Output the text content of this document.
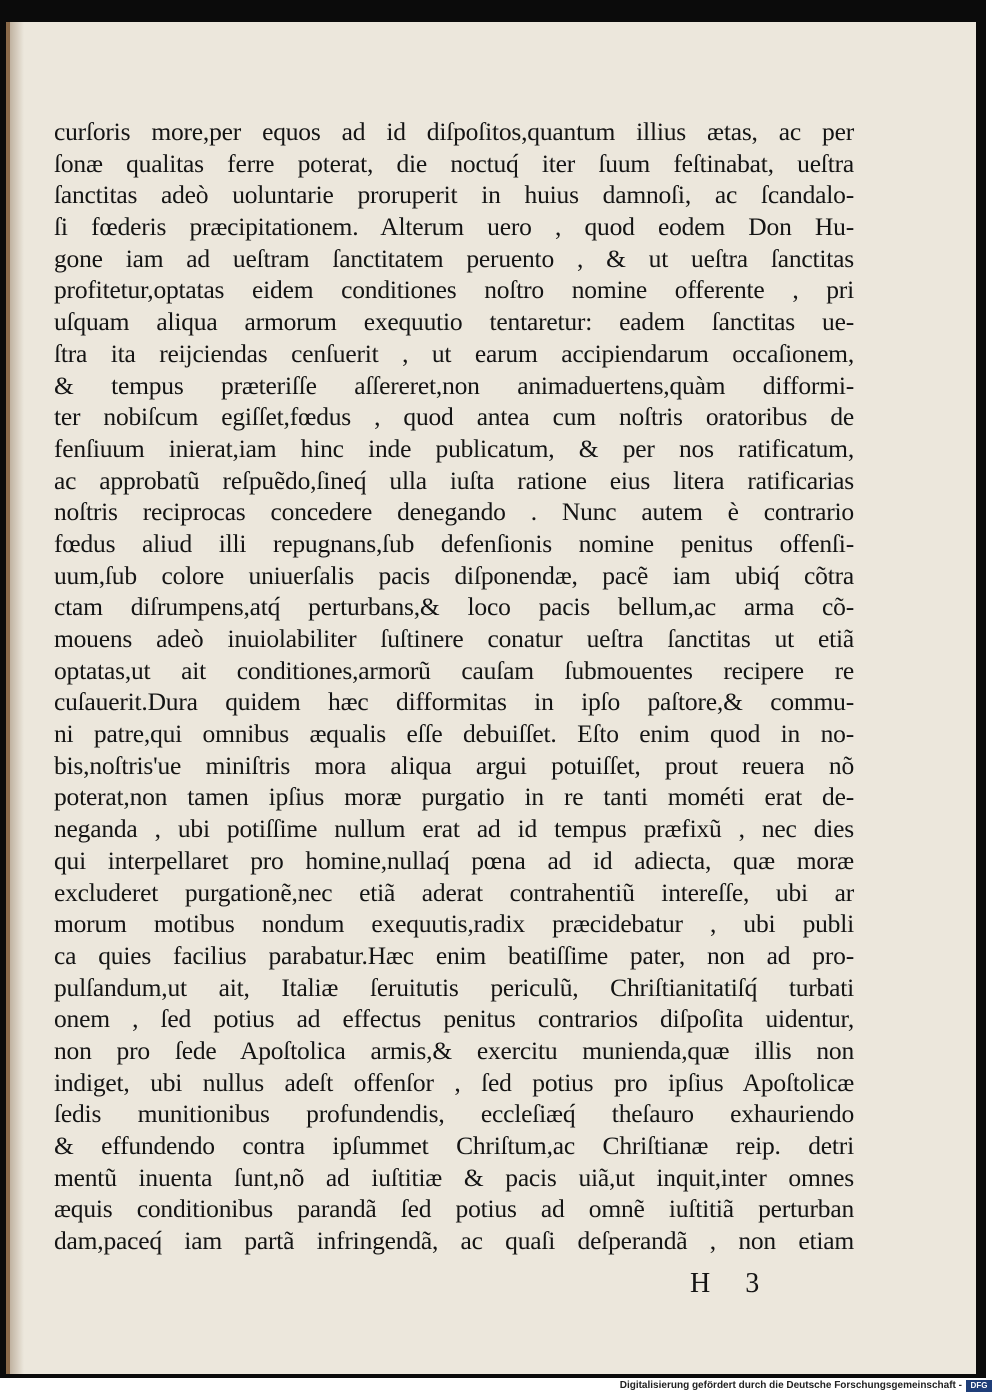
curſoris more,per equos ad id diſpoſitos,quantum illius ætas, ac per
ſonæ qualitas ferre poterat, die noctuq́ iter ſuum feſtinabat, ueſtra
ſanctitas adeò uoluntarie proruperit in huius damnoſi, ac ſcandalo-
ſi fœderis præcipitationem. Alterum uero , quod eodem Don Hu-
gone iam ad ueſtram ſanctitatem peruento , & ut ueſtra ſanctitas
profitetur,optatas eidem conditiones noſtro nomine offerente , pri
uſquam aliqua armorum exequutio tentaretur: eadem ſanctitas ue-
ſtra ita reijciendas cenſuerit , ut earum accipiendarum occaſionem,
& tempus præteriſſe aſſereret,non animaduertens,quàm difformi-
ter nobiſcum egiſſet,fœdus , quod antea cum noſtris oratoribus de
fenſiuum inierat,iam hinc inde publicatum, & per nos ratificatum,
ac approbatũ reſpuẽdo,ſineq́ ulla iuſta ratione eius litera ratificarias
noſtris reciprocas concedere denegando . Nunc autem è contrario
fœdus aliud illi repugnans,ſub defenſionis nomine penitus offenſi-
uum,ſub colore uniuerſalis pacis diſponendæ, pacẽ iam ubiq́ cõtra
ctam diſrumpens,atq́ perturbans,& loco pacis bellum,ac arma cõ-
mouens adeò inuiolabiliter ſuſtinere conatur ueſtra ſanctitas ut etiã
optatas,ut ait conditiones,armorũ cauſam ſubmouentes recipere re
cuſauerit.Dura quidem hæc difformitas in ipſo paſtore,& commu-
ni patre,qui omnibus æqualis eſſe debuiſſet. Eſto enim quod in no-
bis,noſtris'ue miniſtris mora aliqua argui potuiſſet, prout reuera nõ
poterat,non tamen ipſius moræ purgatio in re tanti mométi erat de-
neganda , ubi potiſſime nullum erat ad id tempus præfixũ , nec dies
qui interpellaret pro homine,nullaq́ pœna ad id adiecta, quæ moræ
excluderet purgationẽ,nec etiã aderat contrahentiũ intereſſe, ubi ar
morum motibus nondum exequutis,radix præcidebatur , ubi publi
ca quies facilius parabatur.Hæc enim beatiſſime pater, non ad pro-
pulſandum,ut ait, Italiæ ſeruitutis periculũ, Chriſtianitatiſq́ turbati
onem , ſed potius ad effectus penitus contrarios diſpoſita uidentur,
non pro ſede Apoſtolica armis,& exercitu munienda,quæ illis non
indiget, ubi nullus adeſt offenſor , ſed potius pro ipſius Apoſtolicæ
ſedis munitionibus profundendis, eccleſiæq́ theſauro exhauriendo
& effundendo contra ipſummet Chriſtum,ac Chriſtianæ reip. detri
mentũ inuenta ſunt,nõ ad iuſtitiæ & pacis uiã,ut inquit,inter omnes
æquis conditionibus parandã ſed potius ad omnẽ iuſtitiã perturban
dam,paceq́ iam partã infringendã, ac quaſi deſperandã , non etiam
H 3
Digitalisierung gefördert durch die Deutsche Forschungsgemeinschaft -	DFG
